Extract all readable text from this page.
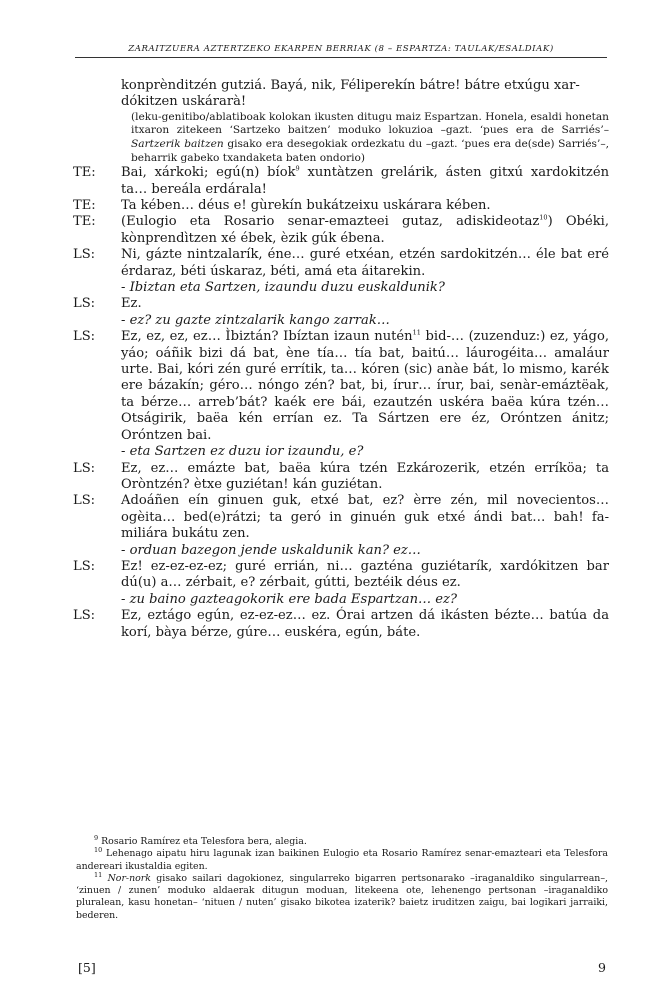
ZARAITZUERA AZTERTZEKO EKARPEN BERRIAK (8 – ESPARTZA: TAULAK/ESALDIAK)
konprènditzén gutziá. Bayá, nik, Féliperekín bátre! bátre etxúgu xar-
dókitzen uskárarà!
(leku-genitibo/ablatiboak kolokan ikusten ditugu maiz Espartzan. Honela, esaldi honetan itxaron zitekeen ‘Sartzeko baitzen’ moduko lokuzioa –gazt. ‘pues era de Sarriés’– Sartzerik baitzen gisako era desegokiak ordezkatu du –gazt. ‘pues era de(sde) Sarriés’–, beharrik gabeko txandaketa baten ondorio)
TE: Bai, xárkoki; egú(n) bíok$^9$ xuntàtzen grelárik, ásten gitxú xardokitzén ta… bereála erdárala!
TE: Ta kében… déus e! gùrekín bukátzeixu uskárara kében.
TE: (Eulogio eta Rosario senar-emazteei gutaz, adiskideotaz$^{10}$) Obéki, kònprendìtzen xé ébek, èzik gúk ébena.
LS: Ni, gázte nintzalarík, éne… guré etxéan, etzén sardokitzén… éle bat eré érdaraz, béti úskaraz, béti, amá eta áitarekin.
- Ibiztan eta Sartzen, izaundu duzu euskaldunik?
LS: Ez.
- ez? zu gazte zintzalarik kango zarrak…
LS: Ez, ez, ez, ez… Ìbiztán? Ibíztan izaun nutén$^{11}$ bid-… (zuzenduz:) ez, yágo, yáo; oáñik bizi dá bat, ène tía… tía bat, baitú… láurogéita… amaláur urte. Bai, kóri zén guré errítik, ta… kóren (sic) anàe bát, lo mismo, karék ere bázakín; géro… nóngo zén? bat, bi, írur… írur, bai, senàr-emáztëak, ta bérze… arreb’bát? kaék ere bái, ezautzén uskéra baëa kúra tzén… Otságirik, baëa kén errían ez. Ta Sártzen ere éz, Oróntzen ánitz; Oróntzen bai.
- eta Sartzen ez duzu ior izaundu, e?
LS: Ez, ez… emázte bat, baëa kúra tzén Ezkározerik, etzén erríköa; ta Oròntzén? ètxe guziétan! kán guziétan.
LS: Adoáñen eín ginuen guk, etxé bat, ez? èrre zén, mil novecientos… ogèita… bed(e)rátzi; ta geró in ginuén guk etxé ándi bat… bah! fa-miliára bukátu zen.
- orduan bazegon jende uskaldunik kan? ez…
LS: Ez! ez-ez-ez-ez; guré errián, ni… gazténa guziétarík, xardókitzen bar dú(u) a… zérbait, e? zérbait, gútti, beztéik déus ez.
- zu baino gazteagokorik ere bada Espartzan… ez?
LS: Ez, eztágo egún, ez-ez-ez… ez. Órai artzen dá ikásten bézte… batúa da korí, bàya bérze, gúre… euskéra, egún, báte.
$^9$ Rosario Ramírez eta Telesfora bera, alegia.
$^{10}$ Lehenago aipatu hiru lagunak izan baikinen Eulogio eta Rosario Ramírez senar-emazteari eta Telesfora andereari ikustaldia egiten.
$^{11}$ Nor-nork gisako sailari dagokionez, singularreko bigarren pertsonarako –iraganaldiko singularrean–, ‘zinuen / zunen’ moduko aldaerak ditugun moduan, litekeena ote, lehenengo pertsonan –iraganaldiko pluralean, kasu honetan– ‘nituen / nuten’ gisako bikotea izaterik? baietz iruditzen zaigu, bai logikari jarraiki, bederen.
[5]	9
